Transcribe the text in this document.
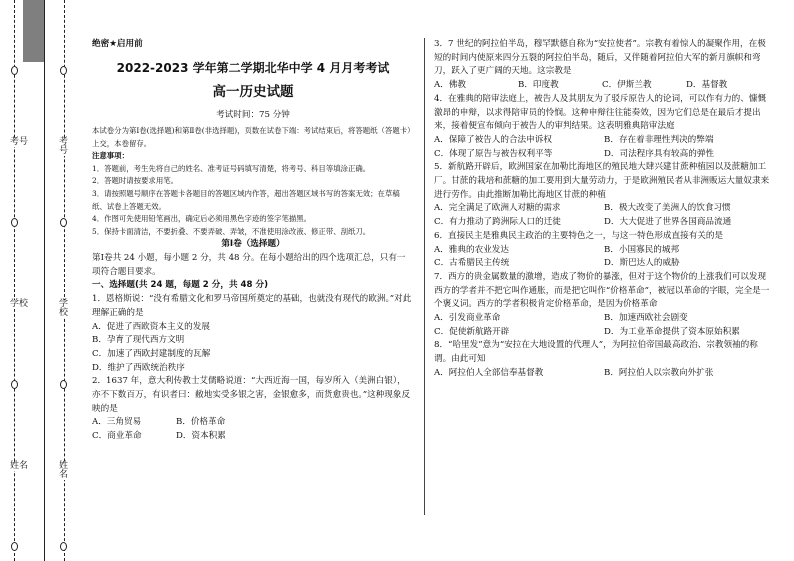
考号	考号
学校	学校
姓名	姓名
绝密★启用前
2022-2023 学年第二学期北华中学 4 月月考考试
高一历史试题
考试时间：75 分钟
本试卷分为第Ⅰ卷(选择题)和第Ⅱ卷(非选择题)，页数在试卷下端：考试结束后，将答题纸（答题卡）上交，本卷留存。
注意事项：
1．答题前，考生先将自己的姓名、准考证号码填写清楚，将考号、科目等填涂正确。
2．答题时请按要求用笔。
3．请按照题号顺序在答题卡各题目的答题区域内作答，超出答题区域书写的答案无效；在草稿纸、试卷上答题无效。
4．作图可先使用铅笔画出，确定后必须用黑色字迹的签字笔描黑。
5．保持卡面清洁，不要折叠、不要弄破、弄皱，不准使用涂改液、修正带、刮纸刀。
第Ⅰ卷（选择题）
第Ⅰ卷共 24 小题，每小题 2 分，共 48 分。在每小题给出的四个选项汇总，只有一项符合题目要求。
一、选择题(共 24 题，每题 2 分，共 48 分)
1．恩格斯说：“没有希腊文化和罗马帝国所奠定的基础，也就没有现代的欧洲。”对此理解正确的是
A．促进了西欧资本主义的发展
B．孕育了现代西方文明
C．加速了西欧封建制度的瓦解
D．维护了西欧统治秩序
2．1637 年，意大利传教士艾儒略说道：“大西近海一国，每岁所入（美洲白银），亦不下数百万，有识者曰：敝地实受多银之害，金银愈多，而货愈贵也。”这种现象反映的是
A．三角贸易	B．价格革命
C．商业革命	D．资本积累
3．7 世纪的阿拉伯半岛，穆罕默德自称为“安拉使者”。宗教有着惊人的凝聚作用，在极短的时间内使原来四分五裂的阿拉伯半岛，随后，又伴随着阿拉伯大军的新月旗帜和弯刀，跃入了更广阔的天地。这宗教是
A．佛教	B．印度教	C．伊斯兰教	D．基督教
4．在雅典的陪审法庭上，被告人及其朋友为了驳斥原告人的论词，可以作有力的、慷慨激昂的申辩，以求得陪审员的怜悯。这种申辩往往能奏效，因为它们总是在最后才提出来，接着便宣布倾向于被告人的审判结果。这表明雅典陪审法庭
A．保障了被告人的合法申诉权	B．存在着非理性判决的弊端
C．体现了原告与被告权利平等	D．司法程序具有较高的弹性
5．新航路开辟后，欧洲国家在加勒比海地区的殖民地大肆兴建甘蔗种植园以及蔗糖加工厂。甘蔗的栽培和蔗糖的加工要用到大量劳动力，于是欧洲殖民者从非洲贩运大量奴隶来进行劳作。由此推断加勒比海地区甘蔗的种植
A．完全满足了欧洲人对糖的需求	B．极大改变了美洲人的饮食习惯
C．有力推动了跨洲际人口的迁徙	D．大大促进了世界各国商品流通
6．直接民主是雅典民主政治的主要特色之一，与这一特色形成直接有关的是
A．雅典的农业发达	B．小国寡民的城邦
C．古希腊民主传统	D．斯巴达人的威胁
7．西方的贵金属数量的激增，造成了物价的暴涨，但对于这个物价的上涨我们可以发现西方的学者并不把它叫作通胀，而是把它叫作“价格革命”，被冠以革命的字眼，完全是一个褒义词。西方的学者积极肯定价格革命，是因为价格革命
A．引发商业革命	B．加速西欧社会剧变
C．促使新航路开辟	D．为工业革命提供了资本原始积累
8．“哈里发”意为“安拉在大地设置的代理人”，为阿拉伯帝国最高政治、宗教领袖的称谓。由此可知
A．阿拉伯人全部信奉基督教	B．阿拉伯人以宗教向外扩张
